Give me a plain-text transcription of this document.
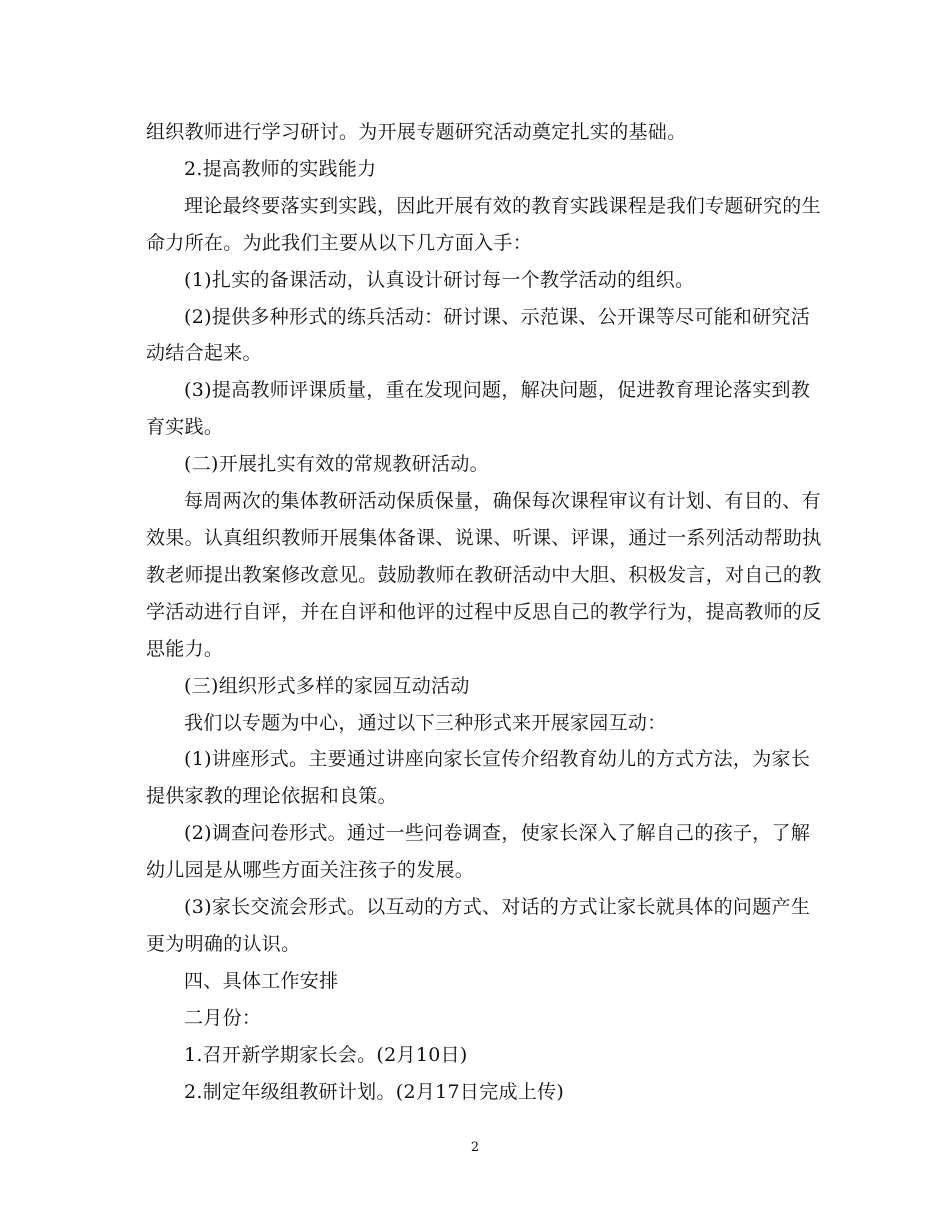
组织教师进行学习研讨。为开展专题研究活动奠定扎实的基础。
2.提高教师的实践能力
理论最终要落实到实践，因此开展有效的教育实践课程是我们专题研究的生
命力所在。为此我们主要从以下几方面入手：
(1)扎实的备课活动，认真设计研讨每一个教学活动的组织。
(2)提供多种形式的练兵活动：研讨课、示范课、公开课等尽可能和研究活
动结合起来。
(3)提高教师评课质量，重在发现问题，解决问题，促进教育理论落实到教
育实践。
(二)开展扎实有效的常规教研活动。
每周两次的集体教研活动保质保量，确保每次课程审议有计划、有目的、有
效果。认真组织教师开展集体备课、说课、听课、评课，通过一系列活动帮助执
教老师提出教案修改意见。鼓励教师在教研活动中大胆、积极发言，对自己的教
学活动进行自评，并在自评和他评的过程中反思自己的教学行为，提高教师的反
思能力。
(三)组织形式多样的家园互动活动
我们以专题为中心，通过以下三种形式来开展家园互动：
(1)讲座形式。主要通过讲座向家长宣传介绍教育幼儿的方式方法，为家长
提供家教的理论依据和良策。
(2)调查问卷形式。通过一些问卷调查，使家长深入了解自己的孩子，了解
幼儿园是从哪些方面关注孩子的发展。
(3)家长交流会形式。以互动的方式、对话的方式让家长就具体的问题产生
更为明确的认识。
四、具体工作安排
二月份：
1.召开新学期家长会。(2月10日)
2.制定年级组教研计划。(2月17日完成上传)
2
